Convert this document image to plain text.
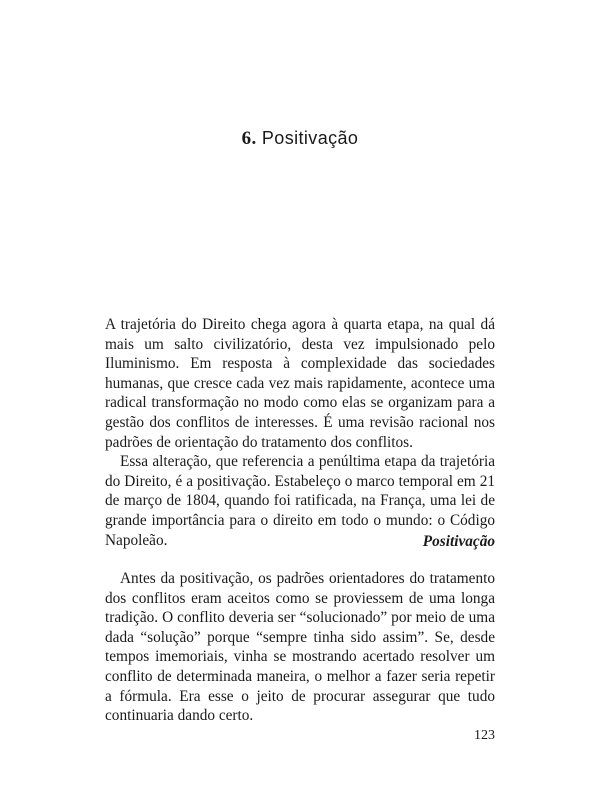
6. Positivação

A trajetória do Direito chega agora à quarta etapa, na qual dá mais um salto civilizatório, desta vez impulsionado pelo Iluminismo. Em resposta à complexidade das sociedades humanas, que cresce cada vez mais rapidamente, acontece uma radical transformação no modo como elas se organizam para a gestão dos conflitos de interesses. É uma revisão racional nos padrões de orientação do tratamento dos conflitos.

Essa alteração, que referencia a penúltima etapa da trajetória do Direito, é a positivação. Estabeleço o marco temporal em 21 de março de 1804, quando foi ratificada, na França, uma lei de grande importância para o direito em todo o mundo: o Código Napoleão.	Positivação

Antes da positivação, os padrões orientadores do tratamento dos conflitos eram aceitos como se proviessem de uma longa tradição. O conflito deveria ser “solucionado” por meio de uma dada “solução” porque “sempre tinha sido assim”. Se, desde tempos imemoriais, vinha se mostrando acertado resolver um conflito de determinada maneira, o melhor a fazer seria repetir a fórmula. Era esse o jeito de procurar assegurar que tudo continuaria dando certo.

123
